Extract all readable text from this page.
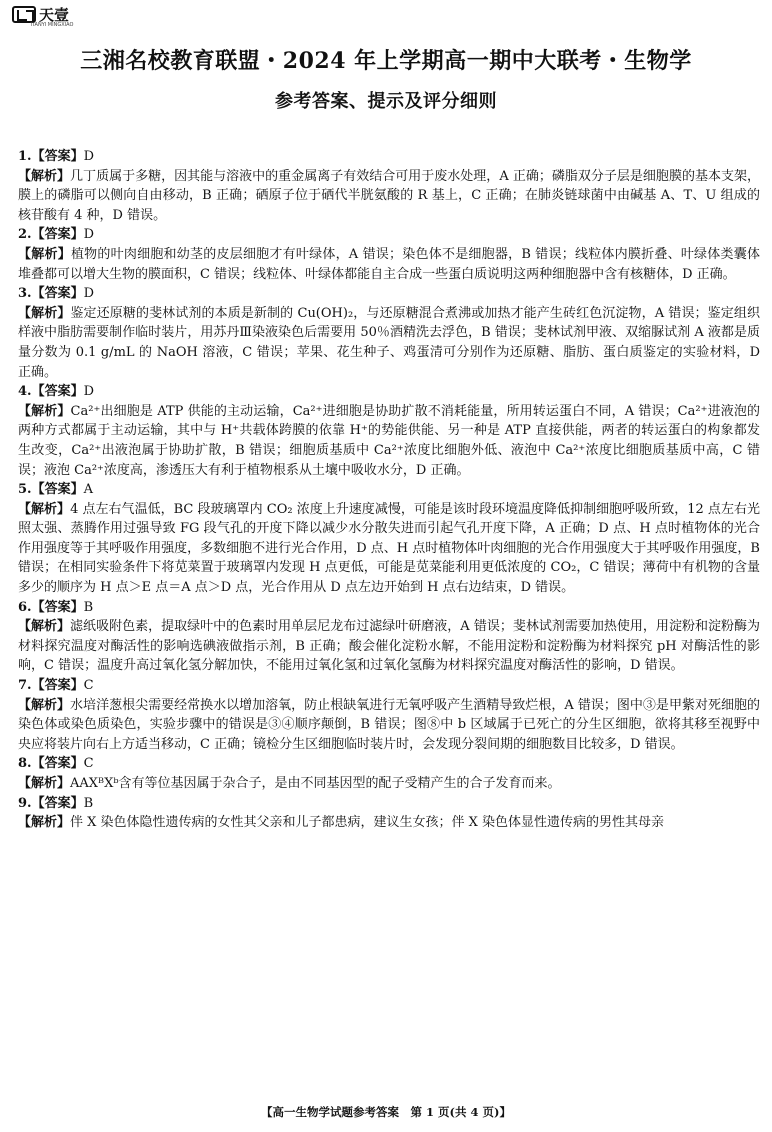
天壹
TIANYI MINGXIAO
三湘名校教育联盟・2024 年上学期高一期中大联考・生物学
参考答案、提示及评分细则

1.【答案】D

【解析】几丁质属于多糖，因其能与溶液中的重金属离子有效结合可用于废水处理，A 正确；磷脂双分子层是细胞膜的基本支架，膜上的磷脂可以侧向自由移动，B 正确；硒原子位于硒代半胱氨酸的 R 基上，C 正确；在肺炎链球菌中由碱基 A、T、U 组成的核苷酸有 4 种，D 错误。

2.【答案】D

【解析】植物的叶肉细胞和幼茎的皮层细胞才有叶绿体，A 错误；染色体不是细胞器，B 错误；线粒体内膜折叠、叶绿体类囊体堆叠都可以增大生物的膜面积，C 错误；线粒体、叶绿体都能自主合成一些蛋白质说明这两种细胞器中含有核糖体，D 正确。

3.【答案】D

【解析】鉴定还原糖的斐林试剂的本质是新制的 Cu(OH)₂，与还原糖混合煮沸或加热才能产生砖红色沉淀物，A 错误；鉴定组织样液中脂肪需要制作临时装片，用苏丹Ⅲ染液染色后需要用 50％酒精洗去浮色，B 错误；斐林试剂甲液、双缩脲试剂 A 液都是质量分数为 0.1 g/mL 的 NaOH 溶液，C 错误；苹果、花生种子、鸡蛋清可分别作为还原糖、脂肪、蛋白质鉴定的实验材料，D 正确。

4.【答案】D

【解析】Ca²⁺出细胞是 ATP 供能的主动运输，Ca²⁺进细胞是协助扩散不消耗能量，所用转运蛋白不同，A 错误；Ca²⁺进液泡的两种方式都属于主动运输，其中与 H⁺共载体跨膜的依靠 H⁺的势能供能、另一种是 ATP 直接供能，两者的转运蛋白的构象都发生改变，Ca²⁺出液泡属于协助扩散，B 错误；细胞质基质中 Ca²⁺浓度比细胞外低、液泡中 Ca²⁺浓度比细胞质基质中高，C 错误；液泡 Ca²⁺浓度高，渗透压大有利于植物根系从土壤中吸收水分，D 正确。

5.【答案】A

【解析】4 点左右气温低，BC 段玻璃罩内 CO₂ 浓度上升速度减慢，可能是该时段环境温度降低抑制细胞呼吸所致，12 点左右光照太强、蒸腾作用过强导致 FG 段气孔的开度下降以减少水分散失进而引起气孔开度下降，A 正确；D 点、H 点时植物体的光合作用强度等于其呼吸作用强度，多数细胞不进行光合作用，D 点、H 点时植物体叶肉细胞的光合作用强度大于其呼吸作用强度，B 错误；在相同实验条件下将苋菜置于玻璃罩内发现 H 点更低，可能是苋菜能利用更低浓度的 CO₂，C 错误；薄荷中有机物的含量多少的顺序为 H 点＞E 点＝A 点＞D 点，光合作用从 D 点左边开始到 H 点右边结束，D 错误。

6.【答案】B

【解析】滤纸吸附色素，提取绿叶中的色素时用单层尼龙布过滤绿叶研磨液，A 错误；斐林试剂需要加热使用，用淀粉和淀粉酶为材料探究温度对酶活性的影响选碘液做指示剂，B 正确；酸会催化淀粉水解，不能用淀粉和淀粉酶为材料探究 pH 对酶活性的影响，C 错误；温度升高过氧化氢分解加快，不能用过氧化氢和过氧化氢酶为材料探究温度对酶活性的影响，D 错误。

7.【答案】C

【解析】水培洋葱根尖需要经常换水以增加溶氧，防止根缺氧进行无氧呼吸产生酒精导致烂根，A 错误；图中③是甲紫对死细胞的染色体或染色质染色，实验步骤中的错误是③④顺序颠倒，B 错误；图⑧中 b 区域属于已死亡的分生区细胞，欲将其移至视野中央应将装片向右上方适当移动，C 正确；镜检分生区细胞临时装片时，会发现分裂间期的细胞数目比较多，D 错误。

8.【答案】C

【解析】AAXᴮXᵇ含有等位基因属于杂合子，是由不同基因型的配子受精产生的合子发育而来。

9.【答案】B

【解析】伴 X 染色体隐性遗传病的女性其父亲和儿子都患病，建议生女孩；伴 X 染色体显性遗传病的男性其母亲

【高一生物学试题参考答案　第 1 页(共 4 页)】
